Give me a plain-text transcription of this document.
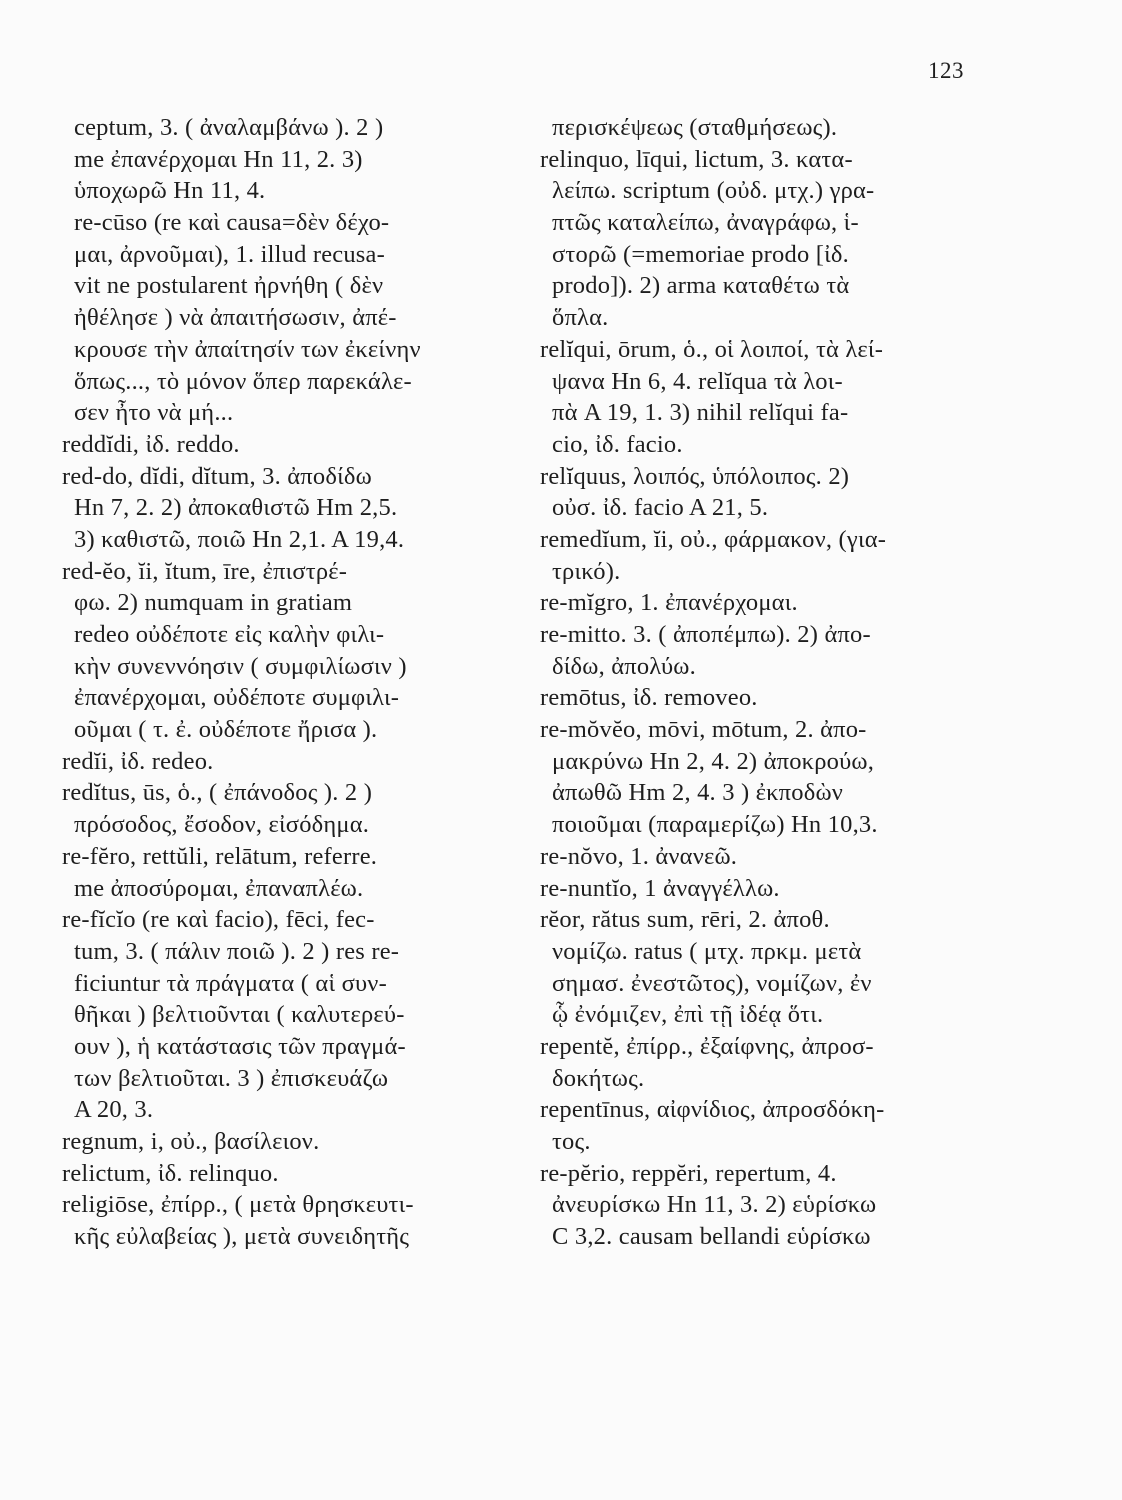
123
ceptum, 3. ( ἀναλαμβάνω ). 2 )
me ἐπανέρχομαι Hn 11, 2. 3)
ὑποχωρῶ Hn 11, 4.
re-cūso (re καὶ causa=δὲν δέχο-
μαι, ἀρνοῦμαι), 1. illud recusa-
vit ne postularent ἠρνήθη ( δὲν
ἠθέλησε ) νὰ ἀπαιτήσωσιν, ἀπέ-
κρουσε τὴν ἀπαίτησίν των ἐκείνην
ὅπως..., τὸ μόνον ὅπερ παρεκάλε-
σεν ἦτο νὰ μή...
reddĭdi, ἰδ. reddo.
red-do, dĭdi, dĭtum, 3. ἀποδίδω
Hn 7, 2. 2) ἀποκαθιστῶ Hm 2,5.
3) καθιστῶ, ποιῶ Hn 2,1. A 19,4.
red-ĕo, ĭi, ĭtum, īre, ἐπιστρέ-
φω. 2) numquam in gratiam
redeo οὐδέποτε εἰς καλὴν φιλι-
κὴν συνεννόησιν ( συμφιλίωσιν )
ἐπανέρχομαι, οὐδέποτε συμφιλι-
οῦμαι ( τ. ἐ. οὐδέποτε ἤρισα ).
redĭi, ἰδ. redeo.
redĭtus, ūs, ὁ., ( ἐπάνοδος ). 2 )
πρόσοδος, ἔσοδον, εἰσόδημα.
re-fĕro, rettŭli, relātum, referre.
me ἀποσύρομαι, ἐπαναπλέω.
re-fĭcĭo (re καὶ facio), fēci, fec-
tum, 3. ( πάλιν ποιῶ ). 2 ) res re-
ficiuntur τὰ πράγματα ( αἱ συν-
θῆκαι ) βελτιοῦνται ( καλυτερεύ-
ουν ), ἡ κατάστασις τῶν πραγμά-
των βελτιοῦται. 3 ) ἐπισκευάζω
A 20, 3.
regnum, i, οὐ., βασίλειον.
relictum, ἰδ. relinquo.
religiōse, ἐπίρρ., ( μετὰ θρησκευτι-
κῆς εὐλαβείας ), μετὰ συνειδητῆς
περισκέψεως (σταθμήσεως).
relinquo, līqui, lictum, 3. κατα-
λείπω. scriptum (οὐδ. μτχ.) γρα-
πτῶς καταλείπω, ἀναγράφω, ἱ-
στορῶ (=memoriae prodo [ἰδ.
prodo]). 2) arma καταθέτω τὰ
ὅπλα.
relĭqui, ōrum, ὁ., οἱ λοιποί, τὰ λεί-
ψανα Hn 6, 4. relĭqua τὰ λοι-
πὰ A 19, 1. 3) nihil relĭqui fa-
cio, ἰδ. facio.
relĭquus, λοιπός, ὑπόλοιπος. 2)
οὐσ. ἰδ. facio A 21, 5.
remedĭum, ĭi, οὐ., φάρμακον, (για-
τρικό).
re-mĭgro, 1. ἐπανέρχομαι.
re-mitto. 3. ( ἀποπέμπω). 2) ἀπο-
δίδω, ἀπολύω.
remōtus, ἰδ. removeo.
re-mŏvĕo, mōvi, mōtum, 2. ἀπο-
μακρύνω Hn 2, 4. 2) ἀποκρούω,
ἀπωθῶ Hm 2, 4. 3 ) ἐκποδὼν
ποιοῦμαι (παραμερίζω) Hn 10,3.
re-nŏvo, 1. ἀνανεῶ.
re-nuntĭo, 1 ἀναγγέλλω.
rĕor, rătus sum, rēri, 2. ἀποθ.
νομίζω. ratus ( μτχ. πρκμ. μετὰ
σημασ. ἐνεστῶτος), νομίζων, ἐν
ᾧ ἐνόμιζεν, ἐπὶ τῇ ἰδέᾳ ὅτι.
repentĕ, ἐπίρρ., ἐξαίφνης, ἀπροσ-
δοκήτως.
repentīnus, αἰφνίδιος, ἀπροσδόκη-
τος.
re-pĕrio, reppĕri, repertum, 4.
ἀνευρίσκω Hn 11, 3. 2) εὑρίσκω
C 3,2. causam bellandi εὑρίσκω
